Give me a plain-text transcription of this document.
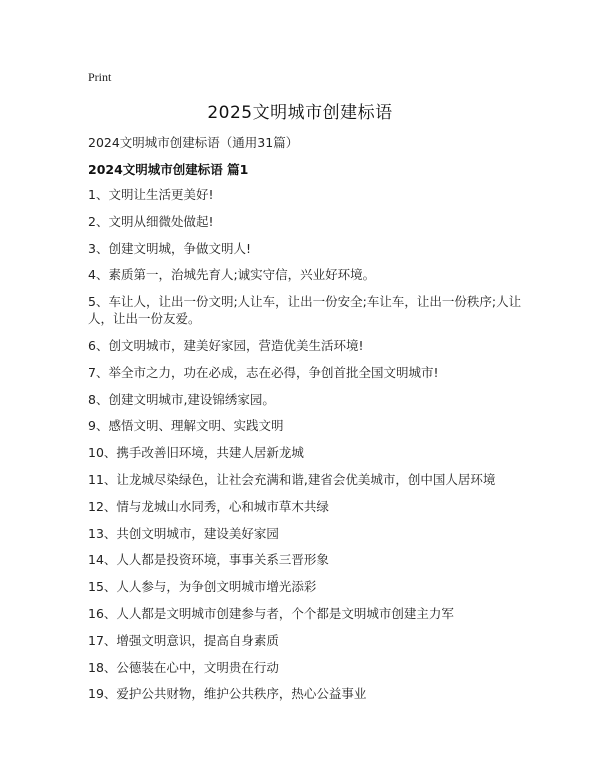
Print
2025文明城市创建标语
2024文明城市创建标语（通用31篇）
2024文明城市创建标语 篇1
1、文明让生活更美好!
2、文明从细微处做起!
3、创建文明城，争做文明人!
4、素质第一，治城先育人;诚实守信，兴业好环境。
5、车让人，让出一份文明;人让车，让出一份安全;车让车，让出一份秩序;人让人，让出一份友爱。
6、创文明城市，建美好家园，营造优美生活环境!
7、举全市之力，功在必成，志在必得，争创首批全国文明城市!
8、创建文明城市,建设锦绣家园。
9、感悟文明、理解文明、实践文明
10、携手改善旧环境，共建人居新龙城
11、让龙城尽染绿色，让社会充满和谐,建省会优美城市，创中国人居环境
12、情与龙城山水同秀，心和城市草木共绿
13、共创文明城市，建设美好家园
14、人人都是投资环境，事事关系三晋形象
15、人人参与，为争创文明城市增光添彩
16、人人都是文明城市创建参与者，个个都是文明城市创建主力军
17、增强文明意识，提高自身素质
18、公德装在心中，文明贵在行动
19、爱护公共财物，维护公共秩序，热心公益事业
